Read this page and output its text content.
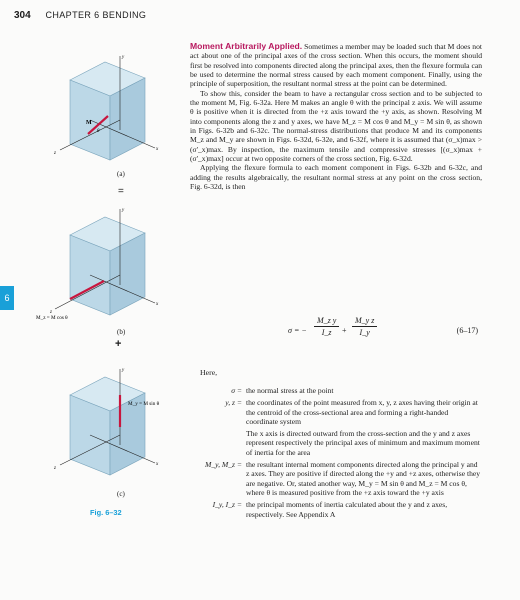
304 CHAPTER 6 BENDING
6
M
θ
y
z
x
(a)
=
M_z = M cos θ
y
z
x
(b)
+
M_y = M sin θ
y
z
x
(c)
Fig. 6–32

Moment Arbitrarily Applied. Sometimes a member may be loaded such that M does not act about one of the principal axes of the cross section. When this occurs, the moment should first be resolved into components directed along the principal axes, then the flexure formula can be used to determine the normal stress caused by each moment component. Finally, using the principle of superposition, the resultant normal stress at the point can be determined.

To show this, consider the beam to have a rectangular cross section and to be subjected to the moment M, Fig. 6-32a. Here M makes an angle θ with the principal z axis. We will assume θ is positive when it is directed from the +z axis toward the +y axis, as shown. Resolving M into components along the z and y axes, we have M_z = M cos θ and M_y = M sin θ, as shown in Figs. 6-32b and 6-32c. The normal-stress distributions that produce M and its components M_z and M_y are shown in Figs. 6-32d, 6-32e, and 6-32f, where it is assumed that (σ_x)max > (σ'_x)max. By inspection, the maximum tensile and compressive stresses [(σ_x)max + (σ'_x)max] occur at two opposite corners of the cross section, Fig. 6-32d.

Applying the flexure formula to each moment component in Figs. 6-32b and 6-32c, and adding the results algebraically, the resultant normal stress at any point on the cross section, Fig. 6-32d, is then

σ = − $\frac{\text{M\_z y}}{I\_z} + \frac{\text{M\_y z}}{I\_y}$	(6–17)
Here,
σ = the normal stress at the point
y, z = the coordinates of the point measured from x, y, z axes having their origin at the centroid of the cross-sectional area and forming a right-handed coordinate system
The x axis is directed outward from the cross-section and the y and z axes represent respectively the principal axes of minimum and maximum moment of inertia for the area
M_y, M_z = the resultant internal moment components directed along the principal y and z axes. They are positive if directed along the +y and +z axes, otherwise they are negative. Or, stated another way, M_y = M sin θ and M_z = M cos θ, where θ is measured positive from the +z axis toward the +y axis
I_y, I_z = the principal moments of inertia calculated about the y and z axes, respectively. See Appendix A
